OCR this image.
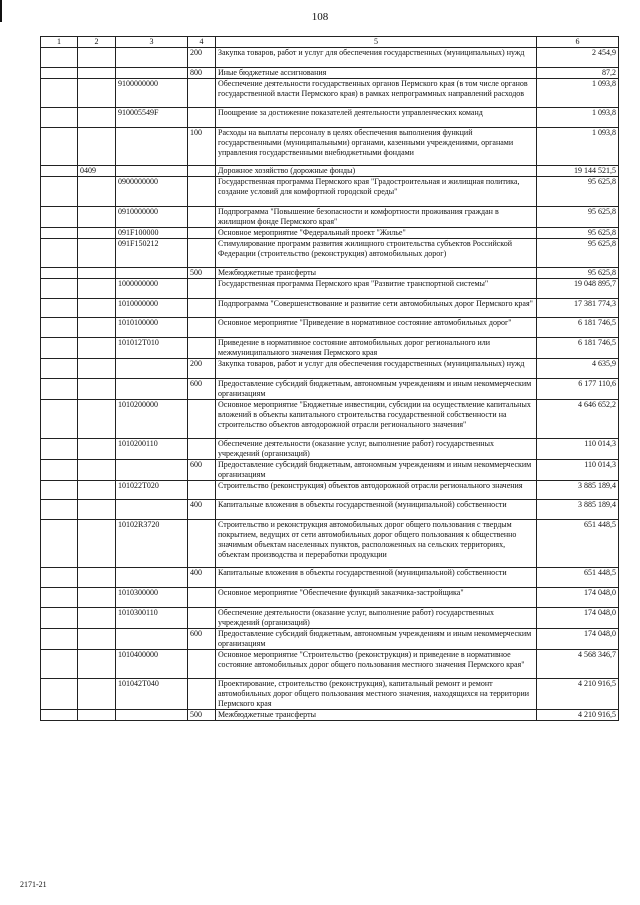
108
1	2	3	4	5	6
			200	Закупка товаров, работ и услуг для обеспечения государственных (муниципальных) нужд	2 454,9
			800	Иные бюджетные ассигнования	87,2
		9100000000		Обеспечение деятельности государственных органов Пермского края (в том числе органов государственной власти Пермского края) в рамках непрограммных направлений расходов	1 093,8
		910005549F		Поощрение за достижение показателей деятельности управленческих команд	1 093,8
			100	Расходы на выплаты персоналу в целях обеспечения выполнения функций государственными (муниципальными) органами, казенными учреждениями, органами управления государственными внебюджетными фондами	1 093,8
	0409			Дорожное хозяйство (дорожные фонды)	19 144 521,5
		0900000000		Государственная программа Пермского края "Градостроительная и жилищная политика, создание условий для комфортной городской среды"	95 625,8
		0910000000		Подпрограмма "Повышение безопасности и комфортности проживания граждан в жилищном фонде Пермского края"	95 625,8
		091F100000		Основное мероприятие "Федеральный проект "Жилье"	95 625,8
		091F150212		Стимулирование программ развития жилищного строительства субъектов Российской Федерации (строительство (реконструкция) автомобильных дорог)	95 625,8
			500	Межбюджетные трансферты	95 625,8
		1000000000		Государственная программа Пермского края "Развитие транспортной системы"	19 048 895,7
		1010000000		Подпрограмма "Совершенствование и развитие сети автомобильных дорог Пермского края"	17 381 774,3
		1010100000		Основное мероприятие "Приведение в нормативное состояние автомобильных дорог"	6 181 746,5
		101012T010		Приведение в нормативное состояние автомобильных дорог регионального или межмуниципального значения Пермского края	6 181 746,5
			200	Закупка товаров, работ и услуг для обеспечения государственных (муниципальных) нужд	4 635,9
			600	Предоставление субсидий бюджетным, автономным учреждениям и иным некоммерческим организациям	6 177 110,6
		1010200000		Основное мероприятие "Бюджетные инвестиции, субсидии на осуществление капитальных вложений в объекты капитального строительства государственной собственности на строительство объектов автодорожной отрасли регионального значения"	4 646 652,2
		1010200110		Обеспечение деятельности (оказание услуг, выполнение работ) государственных учреждений (организаций)	110 014,3
			600	Предоставление субсидий бюджетным, автономным учреждениям и иным некоммерческим организациям	110 014,3
		101022T020		Строительство (реконструкция) объектов автодорожной отрасли регионального значения	3 885 189,4
			400	Капитальные вложения в объекты государственной (муниципальной) собственности	3 885 189,4
		10102R3720		Строительство и реконструкция автомобильных дорог общего пользования с твердым покрытием, ведущих от сети автомобильных дорог общего пользования к общественно значимым объектам населенных пунктов, расположенных на сельских территориях, объектам производства и переработки продукции	651 448,5
			400	Капитальные вложения в объекты государственной (муниципальной) собственности	651 448,5
		1010300000		Основное мероприятие "Обеспечение функций заказчика-застройщика"	174 048,0
		1010300110		Обеспечение деятельности (оказание услуг, выполнение работ) государственных учреждений (организаций)	174 048,0
			600	Предоставление субсидий бюджетным, автономным учреждениям и иным некоммерческим организациям	174 048,0
		1010400000		Основное мероприятие "Строительство (реконструкция) и приведение в нормативное состояние автомобильных дорог общего пользования местного значения Пермского края"	4 568 346,7
		101042T040		Проектирование, строительство (реконструкция), капитальный ремонт и ремонт автомобильных дорог общего пользования местного значения, находящихся на территории Пермского края	4 210 916,5
			500	Межбюджетные трансферты	4 210 916,5
2171-21
